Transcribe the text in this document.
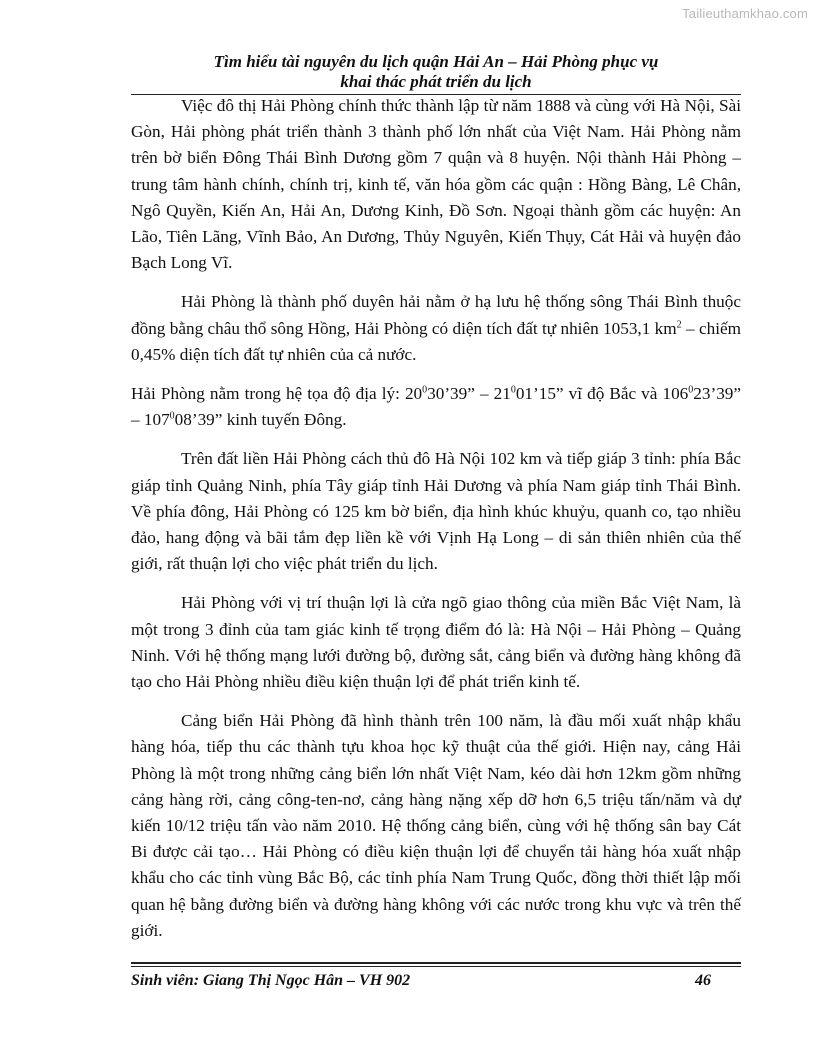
Tailieuthamkhao.com
Tìm hiểu tài nguyên du lịch quận Hải An – Hải Phòng phục vụ
khai thác phát triển du lịch

Việc đô thị Hải Phòng chính thức thành lập từ năm 1888 và cùng với Hà Nội, Sài Gòn, Hải phòng phát triển thành 3 thành phố lớn nhất của Việt Nam. Hải Phòng nằm trên bờ biển Đông Thái Bình Dương gồm 7 quận và 8 huyện. Nội thành Hải Phòng – trung tâm hành chính, chính trị, kinh tế, văn hóa gồm các quận : Hồng Bàng, Lê Chân, Ngô Quyền, Kiến An, Hải An, Dương Kinh, Đồ Sơn. Ngoại thành gồm các huyện: An Lão, Tiên Lãng, Vĩnh Bảo, An Dương, Thủy Nguyên, Kiến Thụy, Cát Hải và huyện đảo Bạch Long Vĩ.

Hải Phòng là thành phố duyên hải nằm ở hạ lưu hệ thống sông Thái Bình thuộc đồng bằng châu thổ sông Hồng, Hải Phòng có diện tích đất tự nhiên 1053,1 $km^2$ – chiếm 0,45% diện tích đất tự nhiên của cả nước.

Hải Phòng nằm trong hệ tọa độ địa lý: $20^030’39$” – $21^001’15$” vĩ độ Bắc và $106^023’39$” – $107^008’39$” kinh tuyến Đông.

Trên đất liền Hải Phòng cách thủ đô Hà Nội 102 km và tiếp giáp 3 tỉnh: phía Bắc giáp tỉnh Quảng Ninh, phía Tây giáp tỉnh Hải Dương và phía Nam giáp tỉnh Thái Bình. Về phía đông, Hải Phòng có 125 km bờ biển, địa hình khúc khuỷu, quanh co, tạo nhiều đảo, hang động và bãi tắm đẹp liền kề với Vịnh Hạ Long – di sản thiên nhiên của thế giới, rất thuận lợi cho việc phát triển du lịch.

Hải Phòng với vị trí thuận lợi là cửa ngõ giao thông của miền Bắc Việt Nam, là một trong 3 đỉnh của tam giác kinh tế trọng điểm đó là: Hà Nội – Hải Phòng – Quảng Ninh. Với hệ thống mạng lưới đường bộ, đường sắt, cảng biển và đường hàng không đã tạo cho Hải Phòng nhiều điều kiện thuận lợi để phát triển kinh tế.

Cảng biển Hải Phòng đã hình thành trên 100 năm, là đầu mối xuất nhập khẩu hàng hóa, tiếp thu các thành tựu khoa học kỹ thuật của thế giới. Hiện nay, cảng Hải Phòng là một trong những cảng biển lớn nhất Việt Nam, kéo dài hơn 12km gồm những cảng hàng rời, cảng công-ten-nơ, cảng hàng nặng xếp dỡ hơn 6,5 triệu tấn/năm và dự kiến 10/12 triệu tấn vào năm 2010. Hệ thống cảng biển, cùng với hệ thống sân bay Cát Bi được cải tạo… Hải Phòng có điều kiện thuận lợi để chuyển tải hàng hóa xuất nhập khẩu cho các tỉnh vùng Bắc Bộ, các tỉnh phía Nam Trung Quốc, đồng thời thiết lập mối quan hệ bằng đường biển và đường hàng không với các nước trong khu vực và trên thế giới.

Sinh viên: Giang Thị Ngọc Hân – VH 902	46
